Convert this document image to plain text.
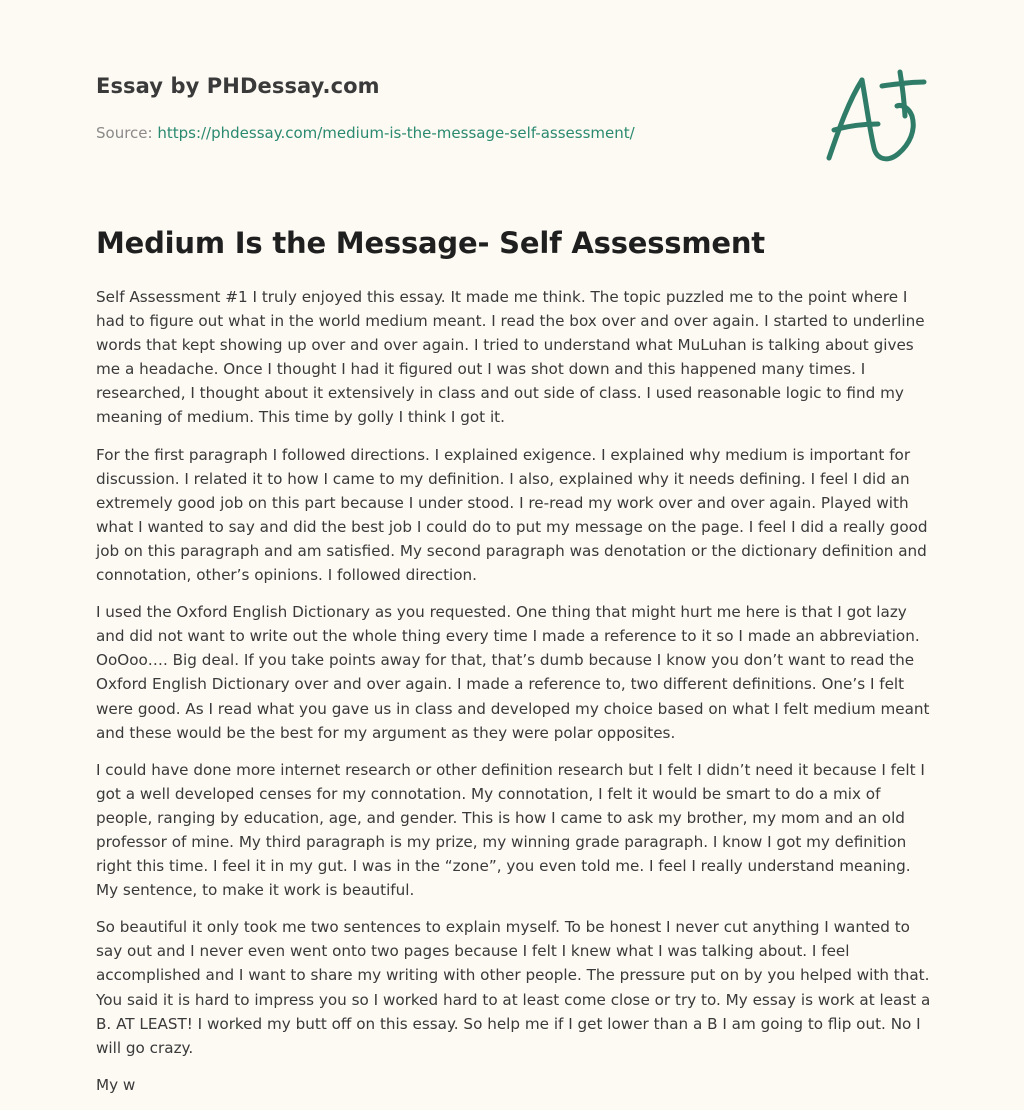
Essay by PHDessay.com
Source: https://phdessay.com/medium-is-the-message-self-assessment/
Medium Is the Message- Self Assessment

Self Assessment #1 I truly enjoyed this essay. It made me think. The topic puzzled me to the point where I had to figure out what in the world medium meant. I read the box over and over again. I started to underline words that kept showing up over and over again. I tried to understand what MuLuhan is talking about gives me a headache. Once I thought I had it figured out I was shot down and this happened many times. I researched, I thought about it extensively in class and out side of class. I used reasonable logic to find my meaning of medium. This time by golly I think I got it.

For the first paragraph I followed directions. I explained exigence. I explained why medium is important for discussion. I related it to how I came to my definition. I also, explained why it needs defining. I feel I did an extremely good job on this part because I under stood. I re-read my work over and over again. Played with what I wanted to say and did the best job I could do to put my message on the page. I feel I did a really good job on this paragraph and am satisfied. My second paragraph was denotation or the dictionary definition and connotation, other’s opinions. I followed direction.

I used the Oxford English Dictionary as you requested. One thing that might hurt me here is that I got lazy and did not want to write out the whole thing every time I made a reference to it so I made an abbreviation. OoOoo…. Big deal. If you take points away for that, that’s dumb because I know you don’t want to read the Oxford English Dictionary over and over again. I made a reference to, two different definitions. One’s I felt were good. As I read what you gave us in class and developed my choice based on what I felt medium meant and these would be the best for my argument as they were polar opposites.

I could have done more internet research or other definition research but I felt I didn’t need it because I felt I got a well developed censes for my connotation. My connotation, I felt it would be smart to do a mix of people, ranging by education, age, and gender. This is how I came to ask my brother, my mom and an old professor of mine. My third paragraph is my prize, my winning grade paragraph. I know I got my definition right this time. I feel it in my gut. I was in the “zone”, you even told me. I feel I really understand meaning. My sentence, to make it work is beautiful.

So beautiful it only took me two sentences to explain myself. To be honest I never cut anything I wanted to say out and I never even went onto two pages because I felt I knew what I was talking about. I feel accomplished and I want to share my writing with other people. The pressure put on by you helped with that. You said it is hard to impress you so I worked hard to at least come close or try to. My essay is work at least a B. AT LEAST! I worked my butt off on this essay. So help me if I get lower than a B I am going to flip out. No I will go crazy.

My w
